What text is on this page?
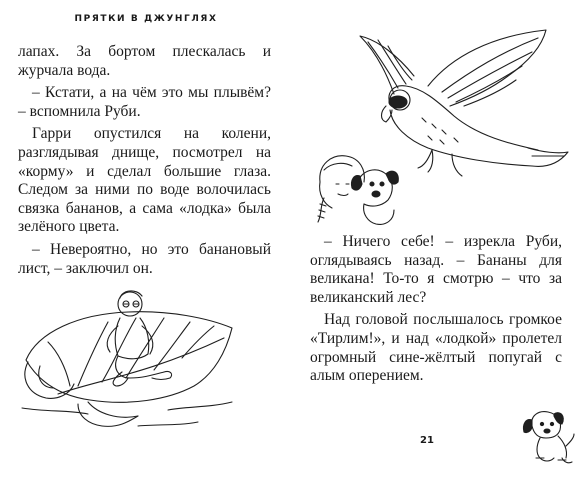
ПРЯТКИ В ДЖУНГЛЯХ

лапах. За бортом плескалась и журчала вода.

– Кстати, а на чём это мы плывём? – вспомнила Руби.

Гарри опустился на колени, разглядывая днище, посмотрел на «корму» и сделал большие глаза. Следом за ними по воде волочилась связка бананов, а сама «лодка» была зелёного цвета.

– Невероятно, но это банановый лист, – заключил он.

– Ничего себе! – изрекла Руби, оглядываясь назад. – Бананы для великана! То-то я смотрю – что за великанский лес?

Над головой послышалось громкое «Тирлим!», и над «лодкой» пролетел огромный сине-жёлтый попугай с алым оперением.

21
